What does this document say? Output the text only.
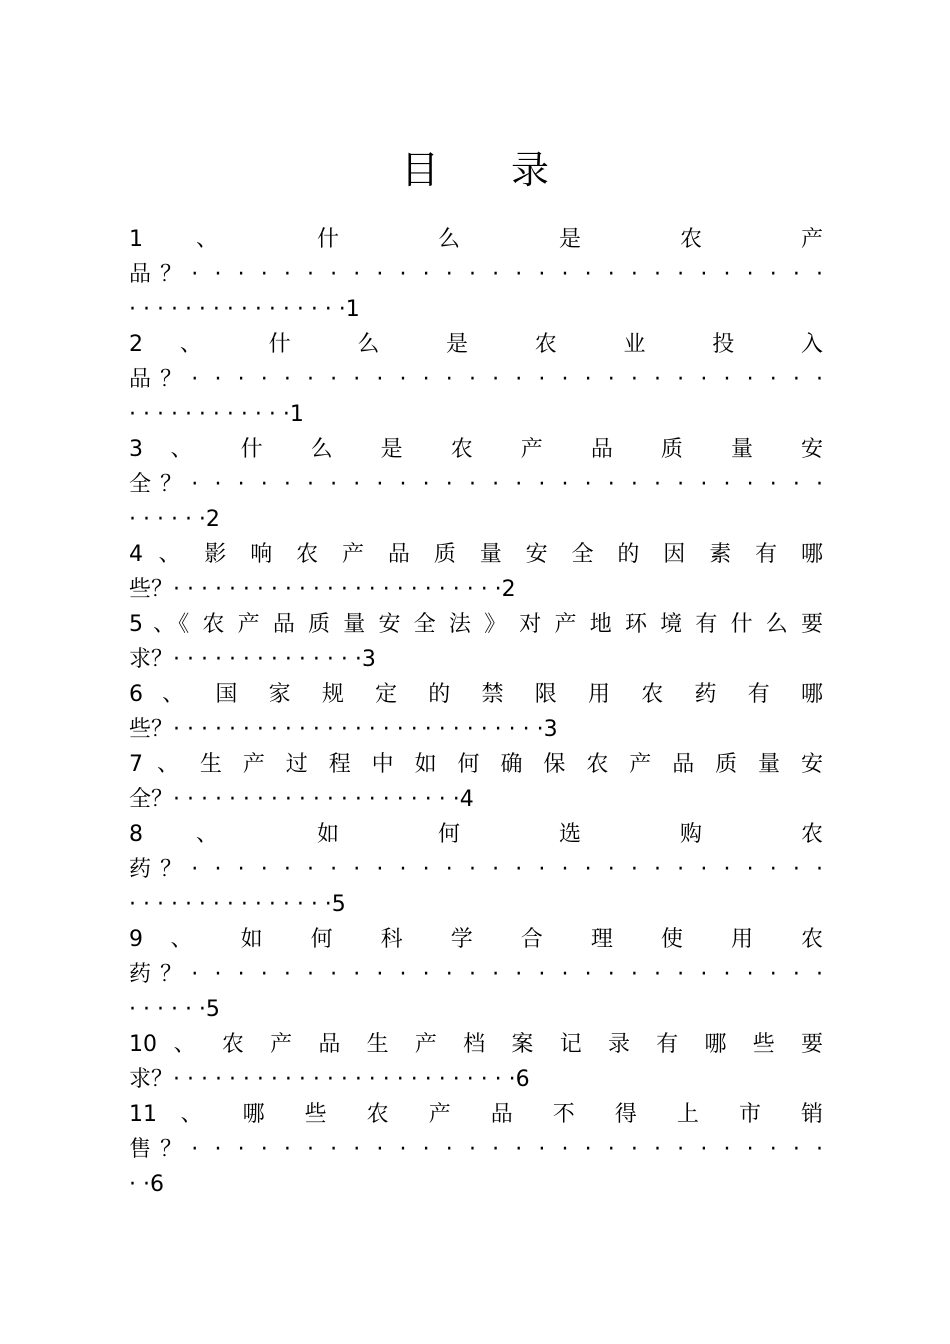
目 录
1 、 什 么 是 农 产
品？· · · · · · · · · · · · · · · · · · · · · · · · · · · ·
· · · · · · · · · · · · · · · ·1
2 、 什 么 是 农 业 投 入
品？· · · · · · · · · · · · · · · · · · · · · · · · · · · ·
· · · · · · · · · · · ·1
3 、 什 么 是 农 产 品 质 量 安
全？· · · · · · · · · · · · · · · · · · · · · · · · · · · ·
· · · · · ·2
4 、 影 响 农 产 品 质 量 安 全 的 因 素 有 哪
些？· · · · · · · · · · · · · · · · · · · · · · · ·2
5 、《 农 产 品 质 量 安 全 法 》 对 产 地 环 境 有 什 么 要
求？· · · · · · · · · · · · · ·3
6 、 国 家 规 定 的 禁 限 用 农 药 有 哪
些？· · · · · · · · · · · · · · · · · · · · · · · · · · ·3
7 、 生 产 过 程 中 如 何 确 保 农 产 品 质 量 安
全？· · · · · · · · · · · · · · · · · · · · ·4
8 、 如 何 选 购 农
药？· · · · · · · · · · · · · · · · · · · · · · · · · · · ·
· · · · · · · · · · · · · · ·5
9 、 如 何 科 学 合 理 使 用 农
药？· · · · · · · · · · · · · · · · · · · · · · · · · · · ·
· · · · · ·5
10 、 农 产 品 生 产 档 案 记 录 有 哪 些 要
求？· · · · · · · · · · · · · · · · · · · · · · · · ·6
11 、 哪 些 农 产 品 不 得 上 市 销
售？· · · · · · · · · · · · · · · · · · · · · · · · · · · ·
· ·6
